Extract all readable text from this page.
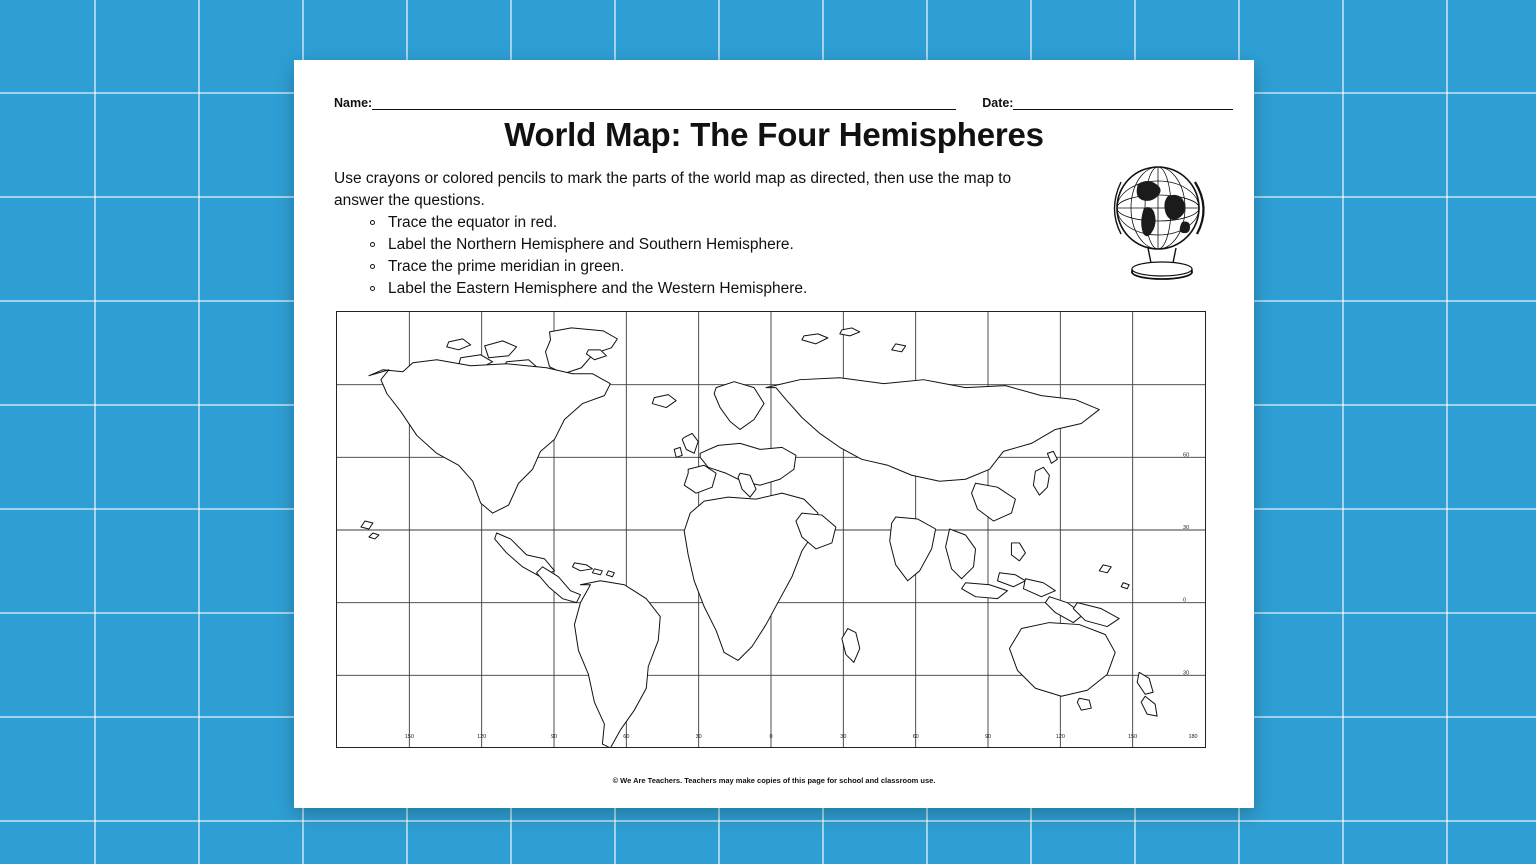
Name:	Date:
World Map: The Four Hemispheres
Use crayons or colored pencils to mark the parts of the world map as directed, then use the map to answer the questions.
Trace the equator in red.
Label the Northern Hemisphere and Southern Hemisphere.
Trace the prime meridian in green.
Label the Eastern Hemisphere and the Western Hemisphere.
150	120	90	60	30	0	30	60	90	120	150	180
60
30
0
30
© We Are Teachers. Teachers may make copies of this page for school and classroom use.
